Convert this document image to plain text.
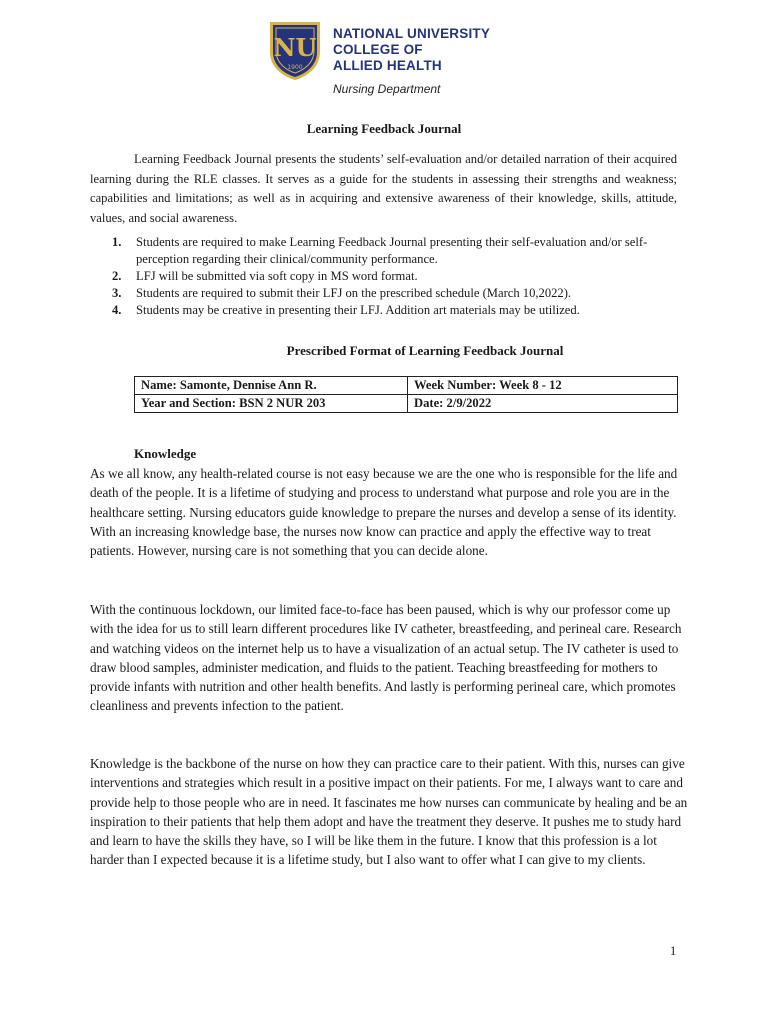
NU
1900
NATIONAL UNIVERSITY
COLLEGE OF
ALLIED HEALTH
Nursing Department
Learning Feedback Journal

Learning Feedback Journal presents the students’ self-evaluation and/or detailed narration of their acquired learning during the RLE classes. It serves as a guide for the students in assessing their strengths and weakness; capabilities and limitations; as well as in acquiring and extensive awareness of their knowledge, skills, attitude, values, and social awareness.

1. Students are required to make Learning Feedback Journal presenting their self-evaluation and/or self-perception regarding their clinical/community performance.
2. LFJ will be submitted via soft copy in MS word format.
3. Students are required to submit their LFJ on the prescribed schedule (March 10,2022).
4. Students may be creative in presenting their LFJ. Addition art materials may be utilized.
Prescribed Format of Learning Feedback Journal
Name: Samonte, Dennise Ann R.	Week Number: Week 8 - 12
Year and Section: BSN 2 NUR 203	Date: 2/9/2022
Knowledge

As we all know, any health-related course is not easy because we are the one who is responsible for the life and death of the people. It is a lifetime of studying and process to understand what purpose and role you are in the healthcare setting. Nursing educators guide knowledge to prepare the nurses and develop a sense of its identity. With an increasing knowledge base, the nurses now know can practice and apply the effective way to treat patients. However, nursing care is not something that you can decide alone.

With the continuous lockdown, our limited face-to-face has been paused, which is why our professor come up with the idea for us to still learn different procedures like IV catheter, breastfeeding, and perineal care. Research and watching videos on the internet help us to have a visualization of an actual setup. The IV catheter is used to draw blood samples, administer medication, and fluids to the patient. Teaching breastfeeding for mothers to provide infants with nutrition and other health benefits. And lastly is performing perineal care, which promotes cleanliness and prevents infection to the patient.

Knowledge is the backbone of the nurse on how they can practice care to their patient. With this, nurses can give interventions and strategies which result in a positive impact on their patients. For me, I always want to care and provide help to those people who are in need. It fascinates me how nurses can communicate by healing and be an inspiration to their patients that help them adopt and have the treatment they deserve. It pushes me to study hard and learn to have the skills they have, so I will be like them in the future. I know that this profession is a lot harder than I expected because it is a lifetime study, but I also want to offer what I can give to my clients.

1
